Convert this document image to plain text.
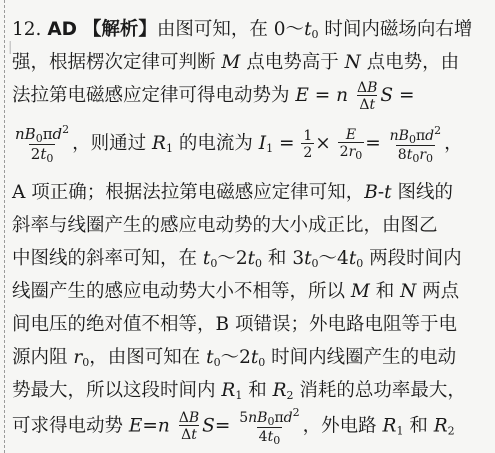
|
12. AD 【解析】由图可知，在 $0\sim t_0$ 时间内磁场向右增
强，根据楞次定律可判断 M 点电势高于 N 点电势，由
法拉第电磁感应定律可得电动势为 E = n $\frac{\Delta B}{\Delta t}$ S =
$\frac{nB_0\pi d^2}{2t_0}$ ，则通过 $R_1$ 的电流为 $I_1 = \frac{1}{2} \times \frac{E}{2r_0} = \frac{nB_0\pi d^2}{8t_0r_0}$ ，
A 项正确；根据法拉第电磁感应定律可知，B-t 图线的
斜率与线圈产生的感应电动势的大小成正比，由图乙
中图线的斜率可知，在 $t_0\sim 2t_0$ 和 $3t_0\sim 4t_0$ 两段时间内
线圈产生的感应电动势大小不相等，所以 M 和 N 两点
间电压的绝对值不相等，B 项错误；外电路电阻等于电
源内阻 $r_0$，由图可知在 $t_0\sim 2t_0$ 时间内线圈产生的电动
势最大，所以这段时间内 $R_1$ 和 $R_2$ 消耗的总功率最大，
可求得电动势 $E=n \frac{\Delta B}{\Delta t} S= \frac{5nB_0\pi d^2}{4t_0}$ ，外电路 $R_1$ 和 $R_2$
